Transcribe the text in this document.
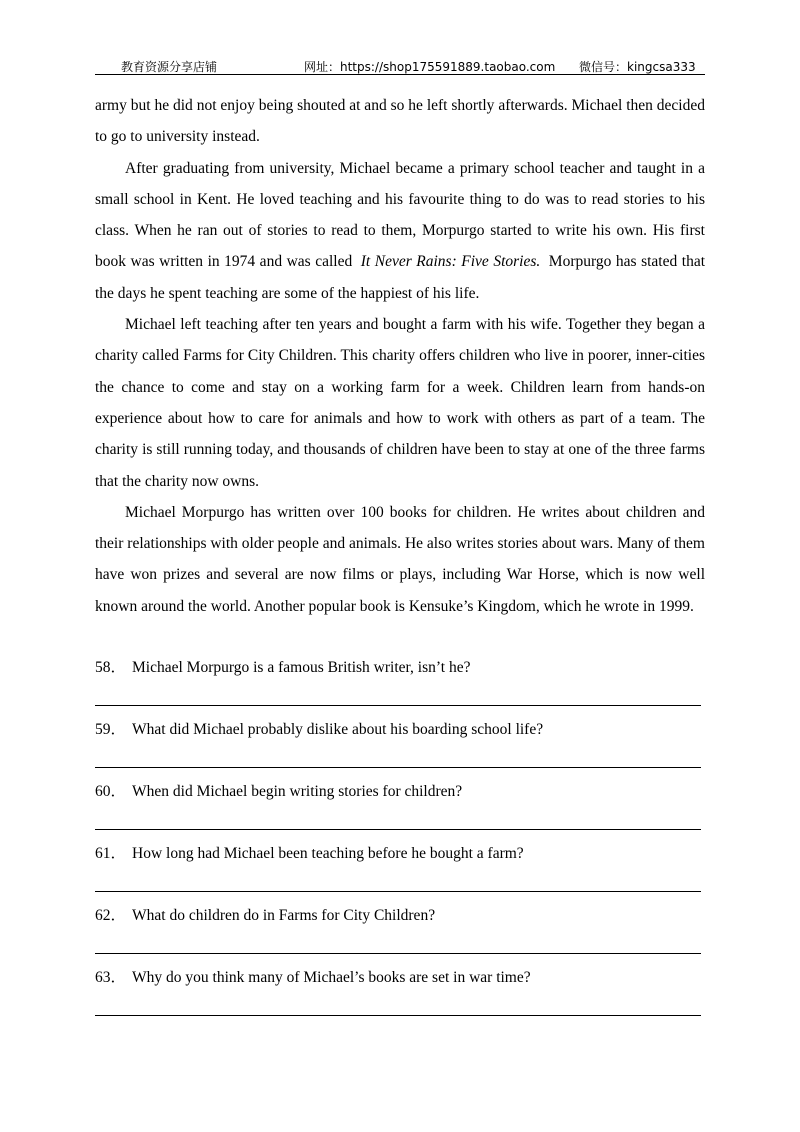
教育资源分享店铺	网址：https://shop175591889.taobao.com 微信号：kingcsa333

army but he did not enjoy being shouted at and so he left shortly afterwards. Michael then decided to go to university instead.

After graduating from university, Michael became a primary school teacher and taught in a small school in Kent. He loved teaching and his favourite thing to do was to read stories to his class. When he ran out of stories to read to them, Morpurgo started to write his own. His first book was written in 1974 and was called It Never Rains: Five Stories. Morpurgo has stated that the days he spent teaching are some of the happiest of his life.

Michael left teaching after ten years and bought a farm with his wife. Together they began a charity called Farms for City Children. This charity offers children who live in poorer, inner-cities the chance to come and stay on a working farm for a week. Children learn from hands-on experience about how to care for animals and how to work with others as part of a team. The charity is still running today, and thousands of children have been to stay at one of the three farms that the charity now owns.

Michael Morpurgo has written over 100 books for children. He writes about children and their relationships with older people and animals. He also writes stories about wars. Many of them have won prizes and several are now films or plays, including War Horse, which is now well known around the world. Another popular book is Kensuke’s Kingdom, which he wrote in 1999.

58． Michael Morpurgo is a famous British writer, isn’t he?
59． What did Michael probably dislike about his boarding school life?
60． When did Michael begin writing stories for children?
61． How long had Michael been teaching before he bought a farm?
62． What do children do in Farms for City Children?
63． Why do you think many of Michael’s books are set in war time?
